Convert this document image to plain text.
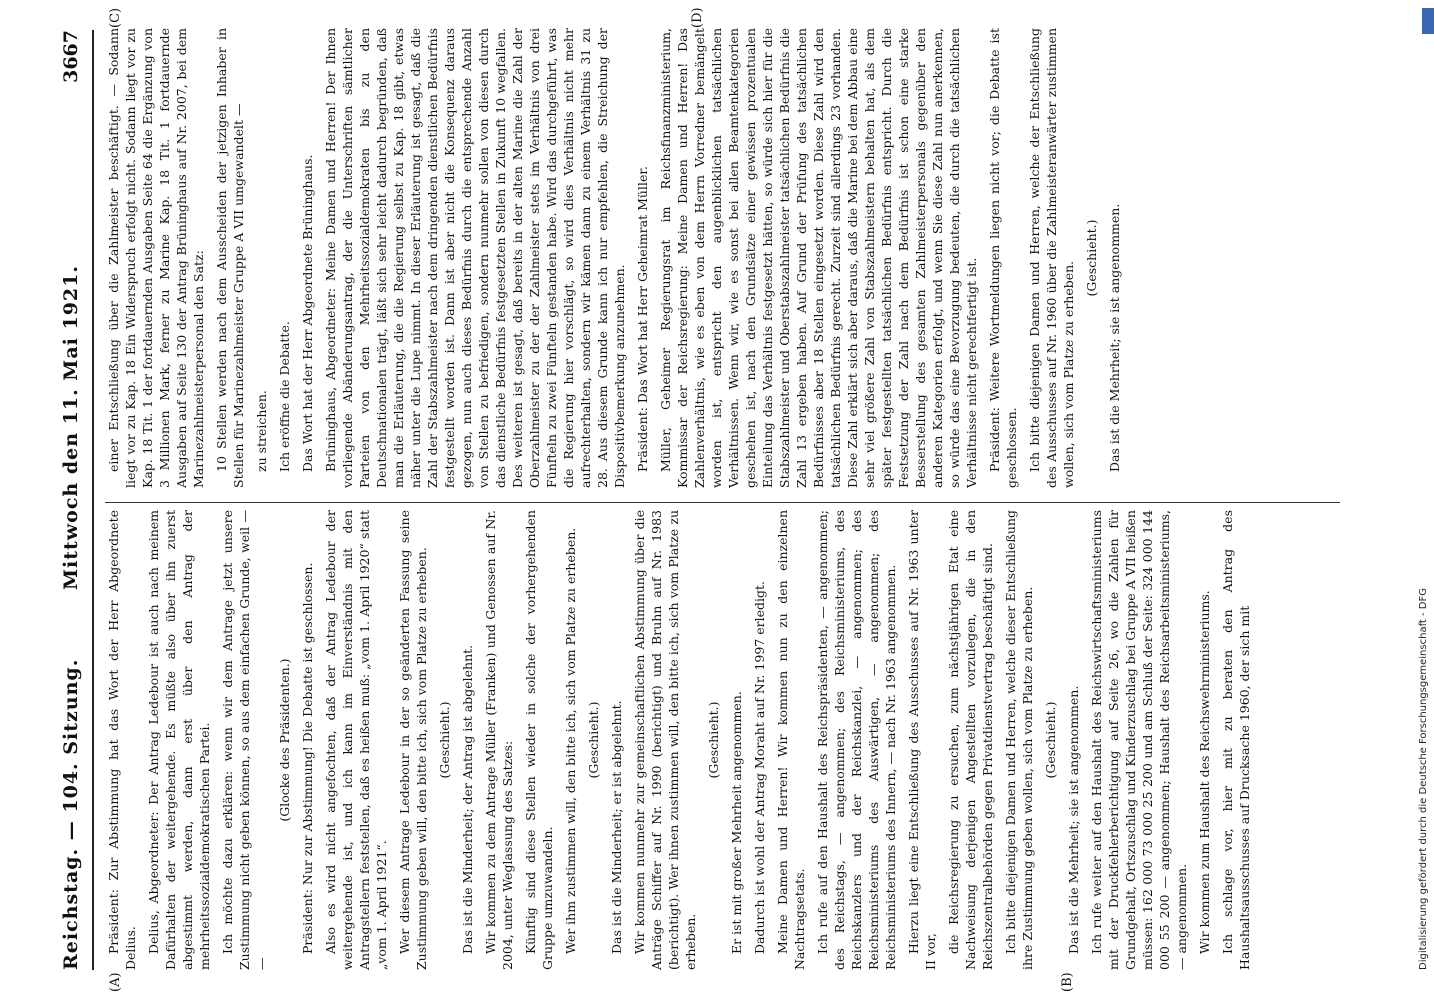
Reichstag. — 104. Sitzung.
Mittwoch den 11. Mai 1921.
3667
(A)	(B)
(C)	(D)

Präsident: Zur Abstimmung hat das Wort der Herr Abgeordnete Delius. Delius, Abgeordneter: Der Antrag Ledebour ist auch nach meinem Dafürhalten der weitergehende. Es müßte also über ihn zuerst abgestimmt werden, dann erst über den Antrag der mehrheitssozialdemokratischen Partei. Ich möchte dazu erklären: wenn wir dem Antrage jetzt unsere Zustimmung nicht geben können, so aus dem einfachen Grunde, weil — —

(Glocke des Präsidenten.) Präsident: Nur zur Abstimmung! Die Debatte ist geschlossen. Also es wird nicht angefochten, daß der Antrag Ledebour der weitergehende ist, und ich kann im Einverständnis mit den Antragstellern feststellen, daß es heißen muß: „vom 1. April 1920“ statt „vom 1. April 1921“. Wer diesem Antrage Ledebour in der so geänderten Fassung seine Zustimmung geben will, den bitte ich, sich vom Platze zu erheben. (Geschieht.) Das ist die Minderheit; der Antrag ist abgelehnt. Wir kommen zu dem Antrage Müller (Franken) und Genossen auf Nr. 2004, unter Weglassung des Satzes: Künftig sind diese Stellen wieder in solche der vorhergehenden Gruppe umzuwandeln. Wer ihm zustimmen will, den bitte ich, sich vom Platze zu erheben. (Geschieht.) Das ist die Minderheit; er ist abgelehnt. Wir kommen nunmehr zur gemeinschaftlichen Abstimmung über die Anträge Schiffer auf Nr. 1990 (berichtigt) und Bruhn auf Nr. 1983 (berichtigt). Wer ihnen zustimmen will, den bitte ich, sich vom Platze zu erheben.

(Geschieht.) Er ist mit großer Mehrheit angenommen. Dadurch ist wohl der Antrag Moraht auf Nr. 1997 erledigt. Meine Damen und Herren! Wir kommen nun zu den einzelnen Nachtragsetats. Ich rufe auf den Haushalt des Reichspräsidenten, — angenommen; des Reichstags, — angenommen; des Reichsministeriums, des Reichskanzlers und der Reichskanzlei, — angenommen; des Reichsministeriums des Auswärtigen, — angenommen; des Reichsministeriums des Innern, — nach Nr. 1963 angenommen. Hierzu liegt eine Entschließung des Ausschusses auf Nr. 1963 unter II vor, die Reichsregierung zu ersuchen, zum nächstjährigen Etat eine Nachweisung derjenigen Angestellten vorzulegen, die in den Reichszentralbehörden gegen Privatdienstvertrag beschäftigt sind. Ich bitte diejenigen Damen und Herren, welche dieser Entschließung ihre Zustimmung geben wollen, sich vom Platze zu erheben. (Geschieht.) Das ist die Mehrheit; sie ist angenommen. Ich rufe weiter auf den Haushalt des Reichswirtschaftsministeriums mit der Druckfehlerberichtigung auf Seite 26, wo die Zahlen für Grundgehalt, Ortszuschlag und Kinderzuschlag bei Gruppe A VII heißen müssen: 162 000 73 000 25 200 und am Schluß der Seite: 324 000 144 000 55 200 — angenommen; Haushalt des Reichsarbeitsministeriums, — angenommen. Wir kommen zum Haushalt des Reichswehrministeriums. Ich schlage vor, hier mit zu beraten den Antrag des Haushaltsausschusses auf Drucksache 1960, der sich mit

einer Entschließung über die Zahlmeister beschäftigt. — Sodann liegt vor zu Kap. 18 Ein Widerspruch erfolgt nicht. Sodann liegt vor zu Kap. 18 Tit. 1 der fortdauernden Ausgaben Seite 64 die Ergänzung von 3 Millionen Mark, ferner zu Marine Kap. 18 Tit. 1 fortdauernde Ausgaben auf Seite 130 der Antrag Brüninghaus auf Nr. 2007, bei dem Marinezahlmeisterpersonal den Satz: 10 Stellen werden nach dem Ausscheiden der jetzigen Inhaber in Stellen für Marinezahlmeister Gruppe A VII umgewandelt — zu streichen. Ich eröffne die Debatte. Das Wort hat der Herr Abgeordnete Brüninghaus. Brüninghaus, Abgeordneter: Meine Damen und Herren! Der Ihnen vorliegende Abänderungsantrag, der die Unterschriften sämtlicher Parteien von den Mehrheitssozialdemokraten bis zu den Deutschnationalen trägt, läßt sich sehr leicht dadurch begründen, daß man die Erläuterung, die die Regierung selbst zu Kap. 18 gibt, etwas näher unter die Lupe nimmt. In dieser Erläuterung ist gesagt, daß die Zahl der Stabszahlmeister nach dem dringenden dienstlichen Bedürfnis festgestellt worden ist. Dann ist aber nicht die Konsequenz daraus gezogen, nun auch dieses Bedürfnis durch die entsprechende Anzahl von Stellen zu befriedigen, sondern nunmehr sollen von diesen durch das dienstliche Bedürfnis festgesetzten Stellen in Zukunft 10 wegfallen. Des weiteren ist gesagt, daß bereits in der alten Marine die Zahl der Oberzahlmeister zu der der Zahlmeister stets im Verhältnis von drei Fünfteln zu zwei Fünfteln gestanden habe. Wird das durchgeführt, was die Regierung hier vorschlägt, so wird dies Verhältnis nicht mehr aufrechterhalten, sondern wir kämen dann zu einem Verhältnis 31 zu 28. Aus diesem Grunde kann ich nur empfehlen, die Streichung der Dispositivbemerkung anzunehmen. Präsident: Das Wort hat Herr Geheimrat Müller. Müller, Geheimer Regierungsrat im Reichsfinanzministerium, Kommissar der Reichsregierung: Meine Damen und Herren! Das Zahlenverhältnis, wie es eben von dem Herrn Vorredner bemängelt worden ist, entspricht den augenblicklichen tatsächlichen Verhältnissen. Wenn wir, wie es sonst bei allen Beamtenkategorien geschehen ist, nach den Grundsätze einer gewissen prozentualen Einteilung das Verhältnis festgesetzt hätten, so würde sich hier für die Stabszahlmeister und Oberstabszahlmeister tatsächlichen Bedürfnis die Zahl 13 ergeben haben. Auf Grund der Prüfung des tatsächlichen Bedürfnisses aber 18 Stellen eingesetzt worden. Diese Zahl wird den tatsächlichen Bedürfnis gerecht. Zurzeit sind allerdings 23 vorhanden. Diese Zahl erklärt sich aber daraus, daß die Marine bei dem Abbau eine sehr viel größere Zahl von Stabszahlmeistern behalten hat, als dem später festgestellten tatsächlichen Bedürfnis entspricht. Durch die Festsetzung der Zahl nach dem Bedürfnis ist schon eine starke Besserstellung des gesamten Zahlmeisterpersonals gegenüber den anderen Kategorien erfolgt, und wenn Sie diese Zahl nun anerkennen, so würde das eine Bevorzugung bedeuten, die durch die tatsächlichen Verhältnisse nicht gerechtfertigt ist. Präsident: Weitere Wortmeldungen liegen nicht vor; die Debatte ist geschlossen. Ich bitte diejenigen Damen und Herren, welche der Entschließung des Ausschusses auf Nr. 1960 über die Zahlmeisteranwärter zustimmen wollen, sich vom Platze zu erheben.

(Geschieht.) Das ist die Mehrheit; sie ist angenommen.

Digitalisierung gefördert durch die Deutsche Forschungsgemeinschaft - DFG
